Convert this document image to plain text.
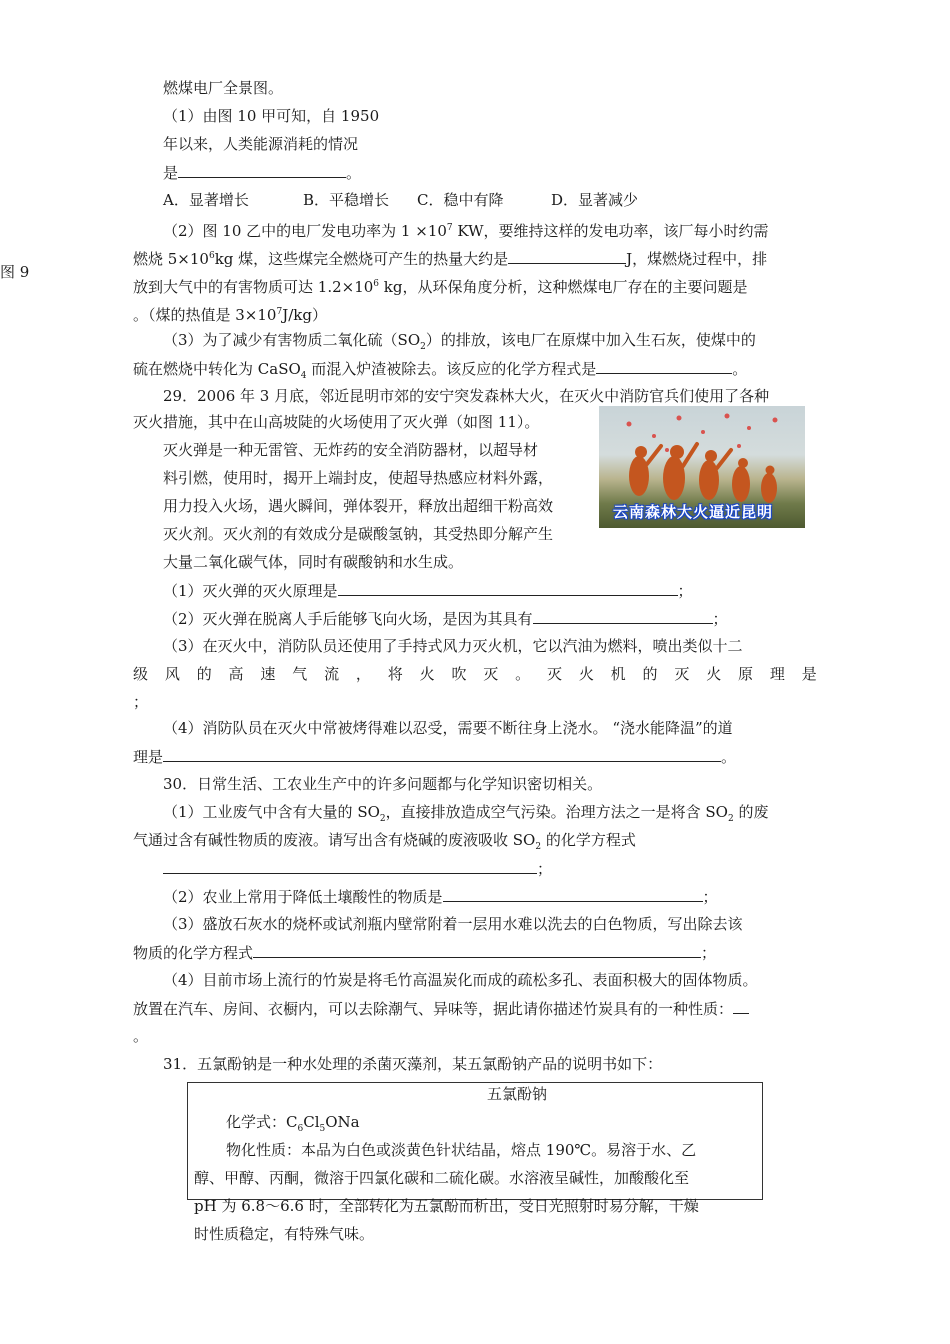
燃煤电厂全景图。
（1）由图 10 甲可知，自 1950
年以来，人类能源消耗的情况
是	。
A．显著增长	B．平稳增长 C．稳中有降	D．显著减少
（2）图 10 乙中的电厂发电功率为 $1 \times 10^7$ KW，要维持这样的发电功率，该厂每小时约需
燃烧 $5\times 10^6kg$ 煤，这些煤完全燃烧可产生的热量大约是	J，煤燃烧过程中，排
图 9
放到大气中的有害物质可达 $1.2\times 10^6$ kg，从环保角度分析，这种燃煤电厂存在的主要问题是
。（煤的热值是 $3\times 10^7J/kg$）
（3）为了减少有害物质二氧化硫$(SO_2)$的排放，该电厂在原煤中加入生石灰，使煤中的
硫在燃烧中转化为 CaSO$_4$ 而混入炉渣被除去。该反应的化学方程式是	。
29．2006 年 3 月底，邻近昆明市郊的安宁突发森林大火，在灭火中消防官兵们使用了各种
灭火措施，其中在山高坡陡的火场使用了灭火弹（如图 11）。
灭火弹是一种无雷管、无炸药的安全消防器材，以超导材
料引燃，使用时，揭开上端封皮，使超导热感应材料外露，
用力投入火场，遇火瞬间，弹体裂开，释放出超细干粉高效
灭火剂。灭火剂的有效成分是碳酸氢钠，其受热即分解产生
大量二氧化碳气体，同时有碳酸钠和水生成。
云南森林大火逼近昆明
（1）灭火弹的灭火原理是	；
（2）灭火弹在脱离人手后能够飞向火场，是因为其具有	；
（3）在灭火中，消防队员还使用了手持式风力灭火机，它以汽油为燃料，喷出类似十二
级 风 的 高 速 气 流 ， 将 火 吹 灭 。 灭 火 机 的 灭 火 原 理 是
；
（4）消防队员在灭火中常被烤得难以忍受，需要不断往身上浇水。 “浇水能降温”的道
理是	。
30．日常生活、工农业生产中的许多问题都与化学知识密切相关。
（1）工业废气中含有大量的 $SO_2$，直接排放造成空气污染。治理方法之一是将含 $SO_2$ 的废
气通过含有碱性物质的废液。请写出含有烧碱的废液吸收 $SO_2$ 的化学方程式
；
（2）农业上常用于降低土壤酸性的物质是	；
（3）盛放石灰水的烧杯或试剂瓶内壁常附着一层用水难以洗去的白色物质，写出除去该
物质的化学方程式	；
（4）目前市场上流行的竹炭是将毛竹高温炭化而成的疏松多孔、表面积极大的固体物质。
放置在汽车、房间、衣橱内，可以去除潮气、异味等，据此请你描述竹炭具有的一种性质：
。
31．五氯酚钠是一种水处理的杀菌灭藻剂，某五氯酚钠产品的说明书如下：
五氯酚钠
化学式：$C_6Cl_5ONa$
物化性质：本品为白色或淡黄色针状结晶，熔点 190℃。易溶于水、乙
醇、甲醇、丙酮，微溶于四氯化碳和二硫化碳。水溶液呈碱性，加酸酸化至
pH 为 6.8～6.6 时，全部转化为五氯酚而析出，受日光照射时易分解，干燥
时性质稳定，有特殊气味。
